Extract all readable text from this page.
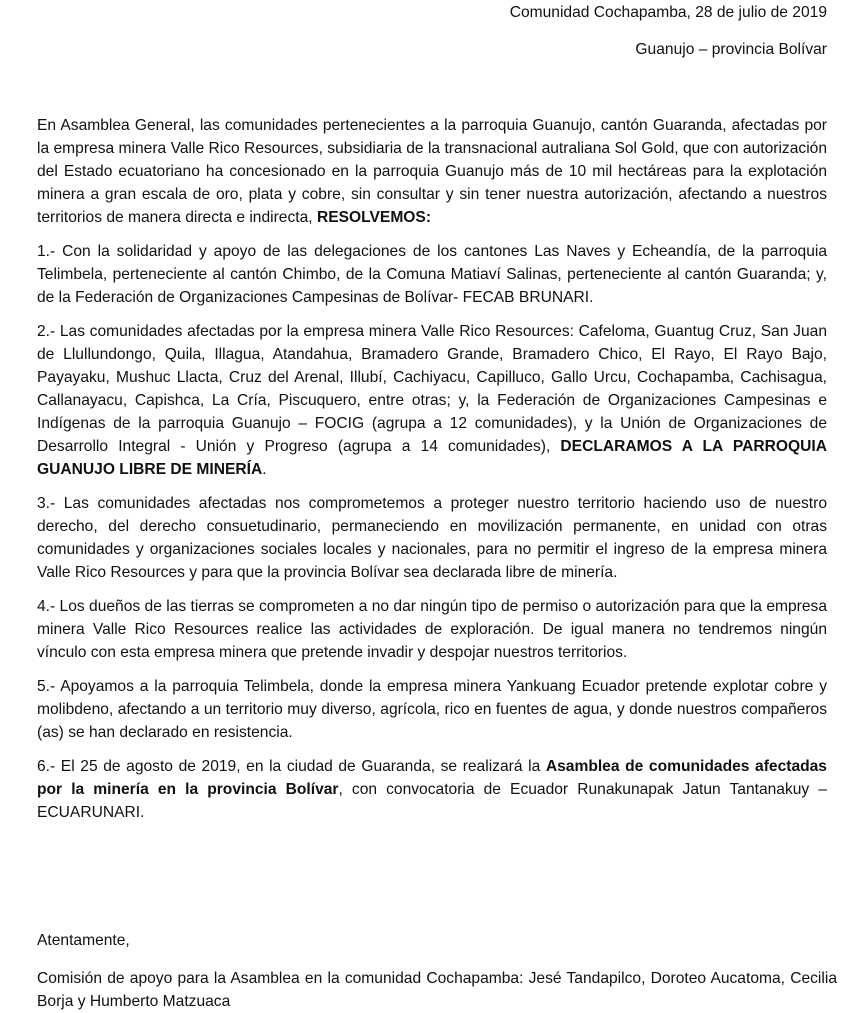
Comunidad Cochapamba, 28 de julio de 2019
Guanujo – provincia Bolívar

En Asamblea General, las comunidades pertenecientes a la parroquia Guanujo, cantón Guaranda, afectadas por la empresa minera Valle Rico Resources, subsidiaria de la transnacional autraliana Sol Gold, que con autorización del Estado ecuatoriano ha concesionado en la parroquia Guanujo más de 10 mil hectáreas para la explotación minera a gran escala de oro, plata y cobre, sin consultar y sin tener nuestra autorización, afectando a nuestros territorios de manera directa e indirecta, RESOLVEMOS:

1.- Con la solidaridad y apoyo de las delegaciones de los cantones Las Naves y Echeandía, de la parroquia Telimbela, perteneciente al cantón Chimbo, de la Comuna Matiaví Salinas, perteneciente al cantón Guaranda; y, de la Federación de Organizaciones Campesinas de Bolívar- FECAB BRUNARI.

2.- Las comunidades afectadas por la empresa minera Valle Rico Resources: Cafeloma, Guantug Cruz, San Juan de Llullundongo, Quila, Illagua, Atandahua, Bramadero Grande, Bramadero Chico, El Rayo, El Rayo Bajo, Payayaku, Mushuc Llacta, Cruz del Arenal, Illubí, Cachiyacu, Capilluco, Gallo Urcu, Cochapamba, Cachisagua, Callanayacu, Capishca, La Cría, Piscuquero, entre otras; y, la Federación de Organizaciones Campesinas e Indígenas de la parroquia Guanujo – FOCIG (agrupa a 12 comunidades), y la Unión de Organizaciones de Desarrollo Integral - Unión y Progreso (agrupa a 14 comunidades), DECLARAMOS A LA PARROQUIA GUANUJO LIBRE DE MINERÍA.

3.- Las comunidades afectadas nos comprometemos a proteger nuestro territorio haciendo uso de nuestro derecho, del derecho consuetudinario, permaneciendo en movilización permanente, en unidad con otras comunidades y organizaciones sociales locales y nacionales, para no permitir el ingreso de la empresa minera Valle Rico Resources y para que la provincia Bolívar sea declarada libre de minería.

4.- Los dueños de las tierras se comprometen a no dar ningún tipo de permiso o autorización para que la empresa minera Valle Rico Resources realice las actividades de exploración. De igual manera no tendremos ningún vínculo con esta empresa minera que pretende invadir y despojar nuestros territorios.

5.- Apoyamos a la parroquia Telimbela, donde la empresa minera Yankuang Ecuador pretende explotar cobre y molibdeno, afectando a un territorio muy diverso, agrícola, rico en fuentes de agua, y donde nuestros compañeros (as) se han declarado en resistencia.

6.- El 25 de agosto de 2019, en la ciudad de Guaranda, se realizará la Asamblea de comunidades afectadas por la minería en la provincia Bolívar, con convocatoria de Ecuador Runakunapak Jatun Tantanakuy – ECUARUNARI.

Atentamente,
Comisión de apoyo para la Asamblea en la comunidad Cochapamba: Jesé Tandapilco, Doroteo Aucatoma, Cecilia Borja y Humberto Matzuaca
